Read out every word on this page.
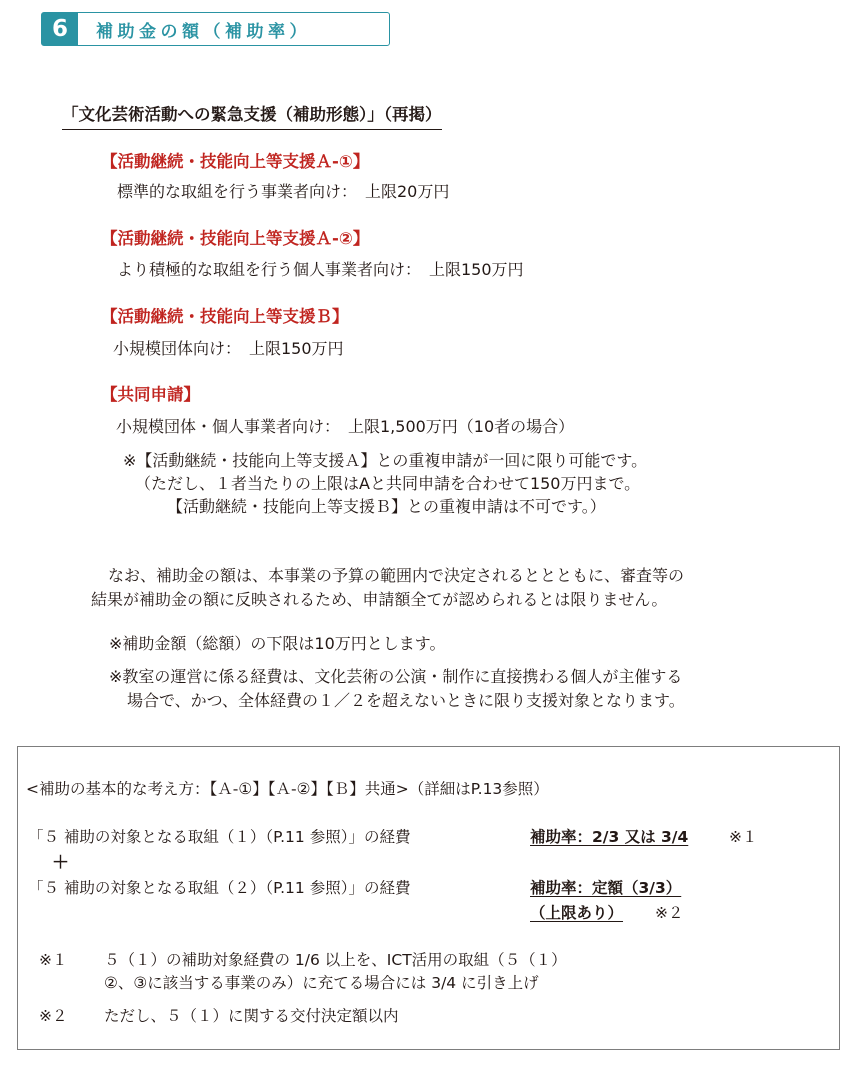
6	補助金の額（補助率）
「文化芸術活動への緊急支援（補助形態）」（再掲）
【活動継続・技能向上等支援Ａ-①】
標準的な取組を行う事業者向け：　上限20万円
【活動継続・技能向上等支援Ａ-②】
より積極的な取組を行う個人事業者向け：　上限150万円
【活動継続・技能向上等支援Ｂ】
小規模団体向け：　上限150万円
【共同申請】
小規模団体・個人事業者向け：　上限1,500万円（10者の場合）
※【活動継続・技能向上等支援Ａ】との重複申請が一回に限り可能です。
（ただし、１者当たりの上限はAと共同申請を合わせて150万円まで。
【活動継続・技能向上等支援Ｂ】との重複申請は不可です。）
なお、補助金の額は、本事業の予算の範囲内で決定されるととともに、審査等の
結果が補助金の額に反映されるため、申請額全てが認められるとは限りません。
※補助金額（総額）の下限は10万円とします。
※教室の運営に係る経費は、文化芸術の公演・制作に直接携わる個人が主催する
場合で、かつ、全体経費の１／２を超えないときに限り支援対象となります。
<補助の基本的な考え方：【Ａ-①】【Ａ-②】【Ｂ】共通>（詳細はP.13参照）
「５ 補助の対象となる取組（１）（P.11 参照）」の経費	補助率：2/3 又は 3/4	※１
＋
「５ 補助の対象となる取組（２）（P.11 参照）」の経費	補助率：定額（3/3）
（上限あり） ※２
※１ ５（１）の補助対象経費の 1/6 以上を、ICT活用の取組（５（１）
②、③に該当する事業のみ）に充てる場合には 3/4 に引き上げ
※２ ただし、５（１）に関する交付決定額以内
